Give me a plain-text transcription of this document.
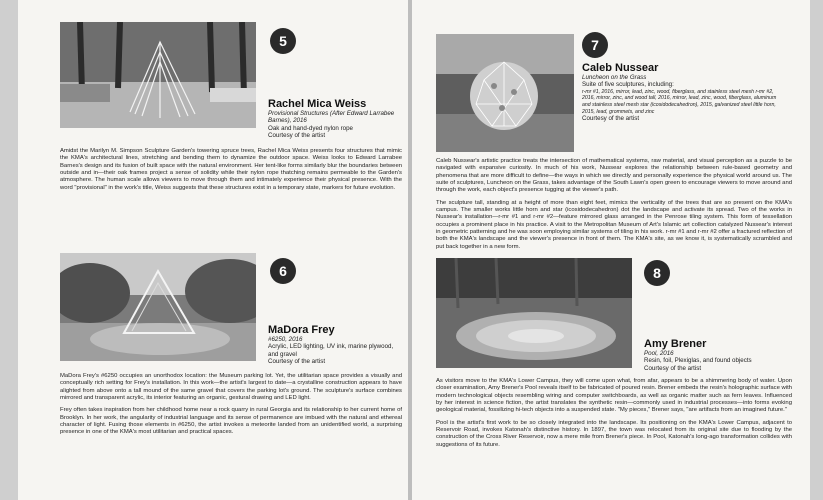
5
Rachel Mica Weiss
Provisional Structures (After Edward Larrabee Barnes), 2016
Oak and hand-dyed nylon rope
Courtesy of the artist

Amidst the Marilyn M. Simpson Sculpture Garden's towering spruce trees, Rachel Mica Weiss presents four structures that mimic the KMA's architectural lines, stretching and bending them to dynamize the outdoor space. Weiss looks to Edward Larrabee Barnes's design and its fusion of built space with the natural environment. Her tent-like forms similarly blur the boundaries between outside and in—their oak frames project a sense of solidity while their nylon rope thatching remains permeable to the Garden's atmosphere. The human scale allows viewers to move through them and intimately experience their physical presence. With the word "provisional" in the work's title, Weiss suggests that these structures exist in a temporary state, markers for future evolution.

6
MaDora Frey
#6250, 2016
Acrylic, LED lighting, UV ink, marine plywood, and gravel
Courtesy of the artist

MaDora Frey's #6250 occupies an unorthodox location: the Museum parking lot. Yet, the utilitarian space provides a visually and conceptually rich setting for Frey's installation. In this work—the artist's largest to date—a crystalline construction appears to have alighted from above onto a tall mound of the same gravel that covers the parking lot's ground. The sculpture's surface combines mirrored and transparent acrylic, its interior featuring an organic, gestural drawing and LED light.

Frey often takes inspiration from her childhood home near a rock quarry in rural Georgia and its relationship to her current home of Brooklyn. In her work, the angularity of industrial language and its sense of permanence are imbued with the natural and ethereal character of light. Fusing those elements in #6250, the artist invokes a meteorite landed from an unidentified world, a surprising presence in one of the KMA's most utilitarian and practical spaces.

7
Caleb Nussear
Luncheon on the Grass
Suite of five sculptures, including:
r-mr #1, 2016, mirror, lead, zinc, wood, fiberglass, and stainless steel mesh r-mr #2, 2016, mirror, zinc, and wood tall, 2016, mirror, lead, zinc, wood, fiberglass, aluminum and stainless steel mesh star (icosidodecahedron), 2015, galvanized steel little horn, 2015, lead, grommets, and zinc
Courtesy of the artist

Caleb Nussear's artistic practice treats the intersection of mathematical systems, raw material, and visual perception as a puzzle to be navigated with expansive curiosity. In much of his work, Nussear explores the relationship between rule-based geometry and phenomena that are more difficult to define—the ways in which we directly and personally experience the physical world around us. The suite of sculptures, Luncheon on the Grass, takes advantage of the South Lawn's open green to encourage viewers to move around and through the work, each object's presence tugging at the viewer's path.

The sculpture tall, standing at a height of more than eight feet, mimics the verticality of the trees that are so present on the KMA's campus. The smaller works little horn and star (icosidodecahedron) dot the landscape and activate its spread. Two of the works in Nussear's installation—r-mr #1 and r-mr #2—feature mirrored glass arranged in the Penrose tiling system. This form of tessellation occupies a prominent place in his practice. A visit to the Metropolitan Museum of Art's Islamic art collection catalyzed Nussear's interest in geometric patterning and he was soon employing similar systems of tiling in his work. r-mr #1 and r-mr #2 offer a fractured reflection of both the KMA's landscape and the viewer's presence in front of them. The KMA's site, as we know it, is systematically scrambled and put back together in a new form.

8
Amy Brener
Pool, 2016
Resin, foil, Plexiglas, and found objects
Courtesy of the artist

As visitors move to the KMA's Lower Campus, they will come upon what, from afar, appears to be a shimmering body of water. Upon closer examination, Amy Brener's Pool reveals itself to be fabricated of poured resin. Brener embeds the resin's holographic surface with modern technological objects resembling wiring and computer switchboards, as well as organic matter such as fern leaves. Influenced by her interest in science fiction, the artist translates the synthetic resin—commonly used in industrial processes—into forms evoking geological material, fossilizing hi-tech objects into a suspended state. "My pieces," Brener says, "are artifacts from an imagined future."

Pool is the artist's first work to be so closely integrated into the landscape. Its positioning on the KMA's Lower Campus, adjacent to Reservoir Road, invokes Katonah's distinctive history. In 1897, the town was relocated from its original site due to flooding by the construction of the Cross River Reservoir, now a mere mile from Brener's piece. In Pool, Katonah's long-ago transformation collides with suggestions of its future.
